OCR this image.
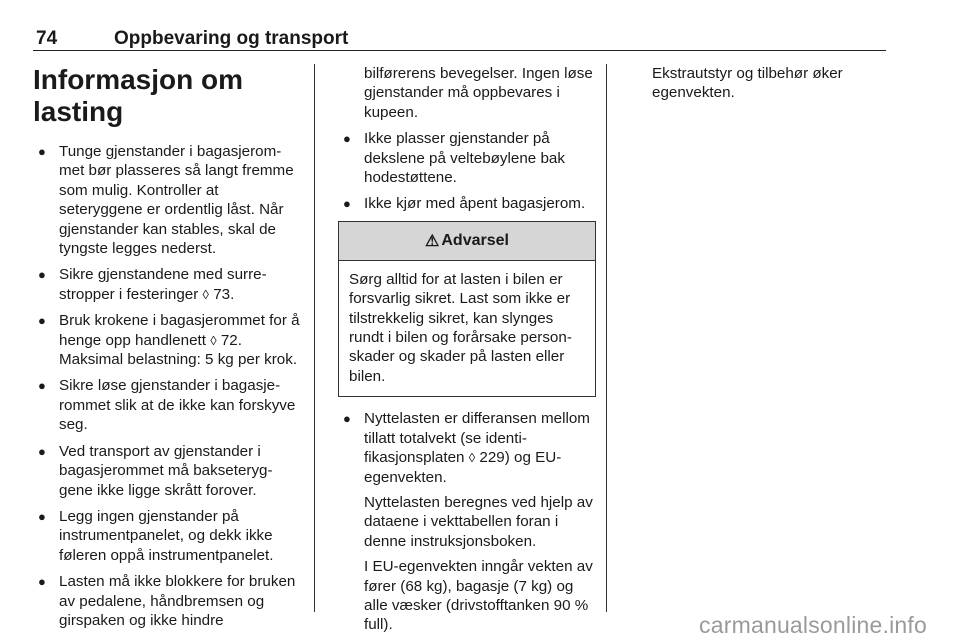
74	Oppbevaring og transport
Informasjon om lasting
● Tunge gjenstander i bagasjerommet bør plasseres så langt fremme som mulig. Kontroller at seteryggene er ordentlig låst. Når gjenstander kan stables, skal de tyngste legges nederst.
● Sikre gjenstandene med surrestropper i festeringer ◊ 73.
● Bruk krokene i bagasjerommet for å henge opp handlenett ◊ 72. Maksimal belastning: 5 kg per krok.
● Sikre løse gjenstander i bagasjerommet slik at de ikke kan forskyve seg.
● Ved transport av gjenstander i bagasjerommet må bakseteryggene ikke ligge skrått forover.
● Legg ingen gjenstander på instrumentpanelet, og dekk ikke føleren oppå instrumentpanelet.
● Lasten må ikke blokkere for bruken av pedalene, håndbremsen og girspaken og ikke hindre
bilførerens bevegelser. Ingen løse gjenstander må oppbevares i kupeen.
● Ikke plasser gjenstander på dekslene på veltebøylene bak hodestøttene.
● Ikke kjør med åpent bagasjerom.
⚠ Advarsel
Sørg alltid for at lasten i bilen er forsvarlig sikret. Last som ikke er tilstrekkelig sikret, kan slynges rundt i bilen og forårsake personskader og skader på lasten eller bilen.
● Nyttelasten er differansen mellom tillatt totalvekt (se identifikasjonsplaten ◊ 229) og EU-egenvekten.
Nyttelasten beregnes ved hjelp av dataene i vekttabellen foran i denne instruksjonsboken.
I EU-egenvekten inngår vekten av fører (68 kg), bagasje (7 kg) og alle væsker (drivstofftanken 90 % full).
Ekstrautstyr og tilbehør øker egenvekten.
carmanualsonline.info
